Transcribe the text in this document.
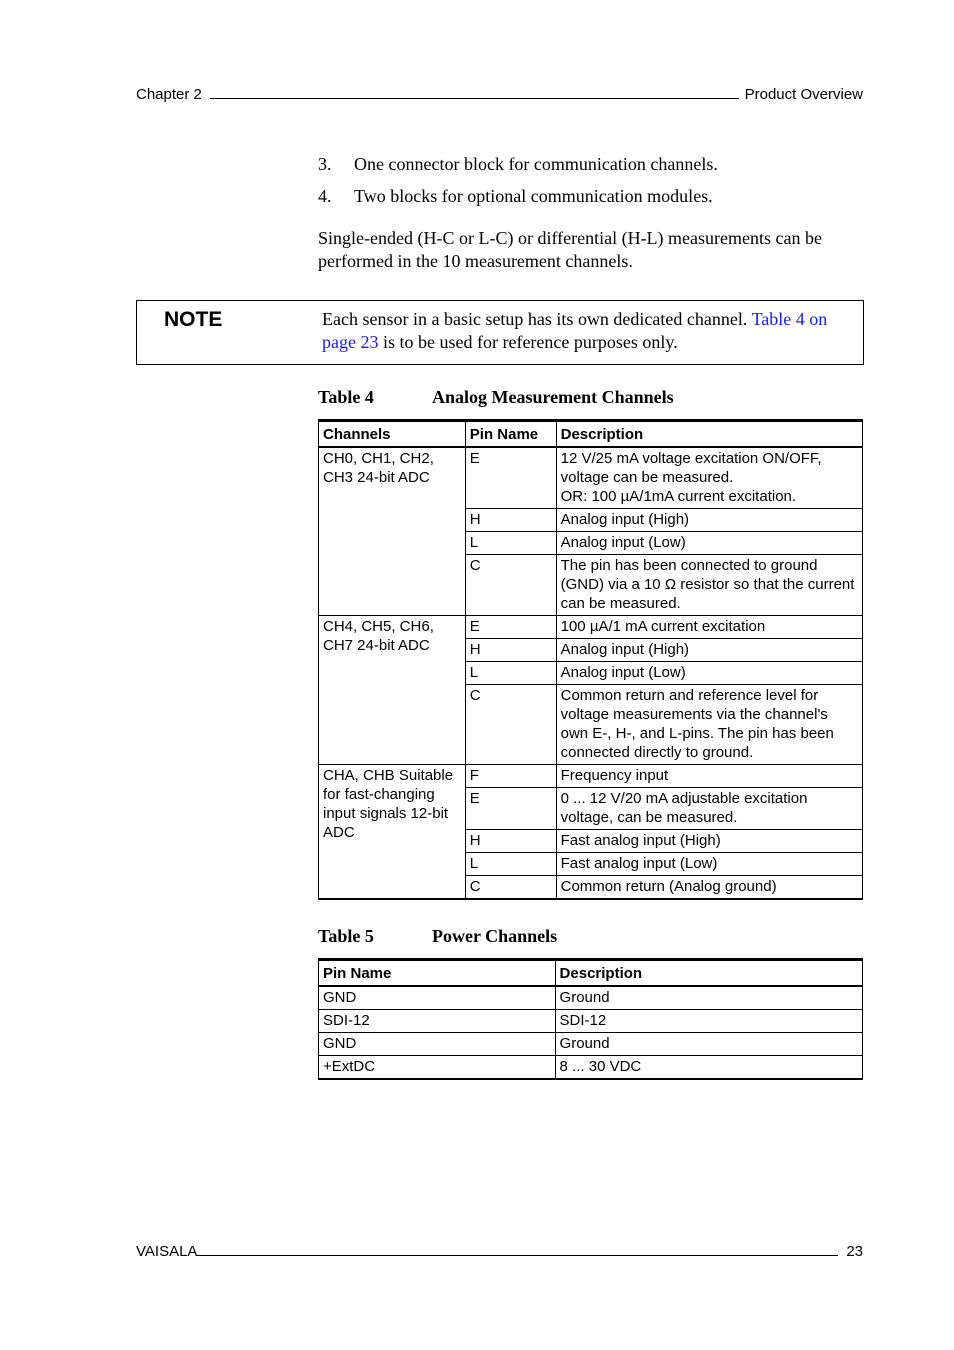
Chapter 2	Product Overview
3.	One connector block for communication channels.
4.	Two blocks for optional communication modules.
Single-ended (H-C or L-C) or differential (H-L) measurements can be performed in the 10 measurement channels.
NOTE	Each sensor in a basic setup has its own dedicated channel. Table 4 on page 23 is to be used for reference purposes only.
Table 4	Analog Measurement Channels
Channels	Pin Name	Description
CH0, CH1, CH2, CH3 24-bit ADC	E	12 V/25 mA voltage excitation ON/OFF, voltage can be measured.
OR: 100 µA/1mA current excitation.
	H	Analog input (High)
	L	Analog input (Low)
	C	The pin has been connected to ground (GND) via a 10 Ω resistor so that the current can be measured.
CH4, CH5, CH6, CH7 24-bit ADC	E	100 µA/1 mA current excitation
	H	Analog input (High)
	L	Analog input (Low)
	C	Common return and reference level for voltage measurements via the channel's own E-, H-, and L-pins. The pin has been connected directly to ground.
CHA, CHB Suitable for fast-changing input signals 12-bit ADC	F	Frequency input
	E	0 ... 12 V/20 mA adjustable excitation voltage, can be measured.
	H	Fast analog input (High)
	L	Fast analog input (Low)
	C	Common return (Analog ground)
Table 5	Power Channels
Pin Name	Description
GND	Ground
SDI-12	SDI-12
GND	Ground
+ExtDC	8 ... 30 VDC
VAISALA	23
